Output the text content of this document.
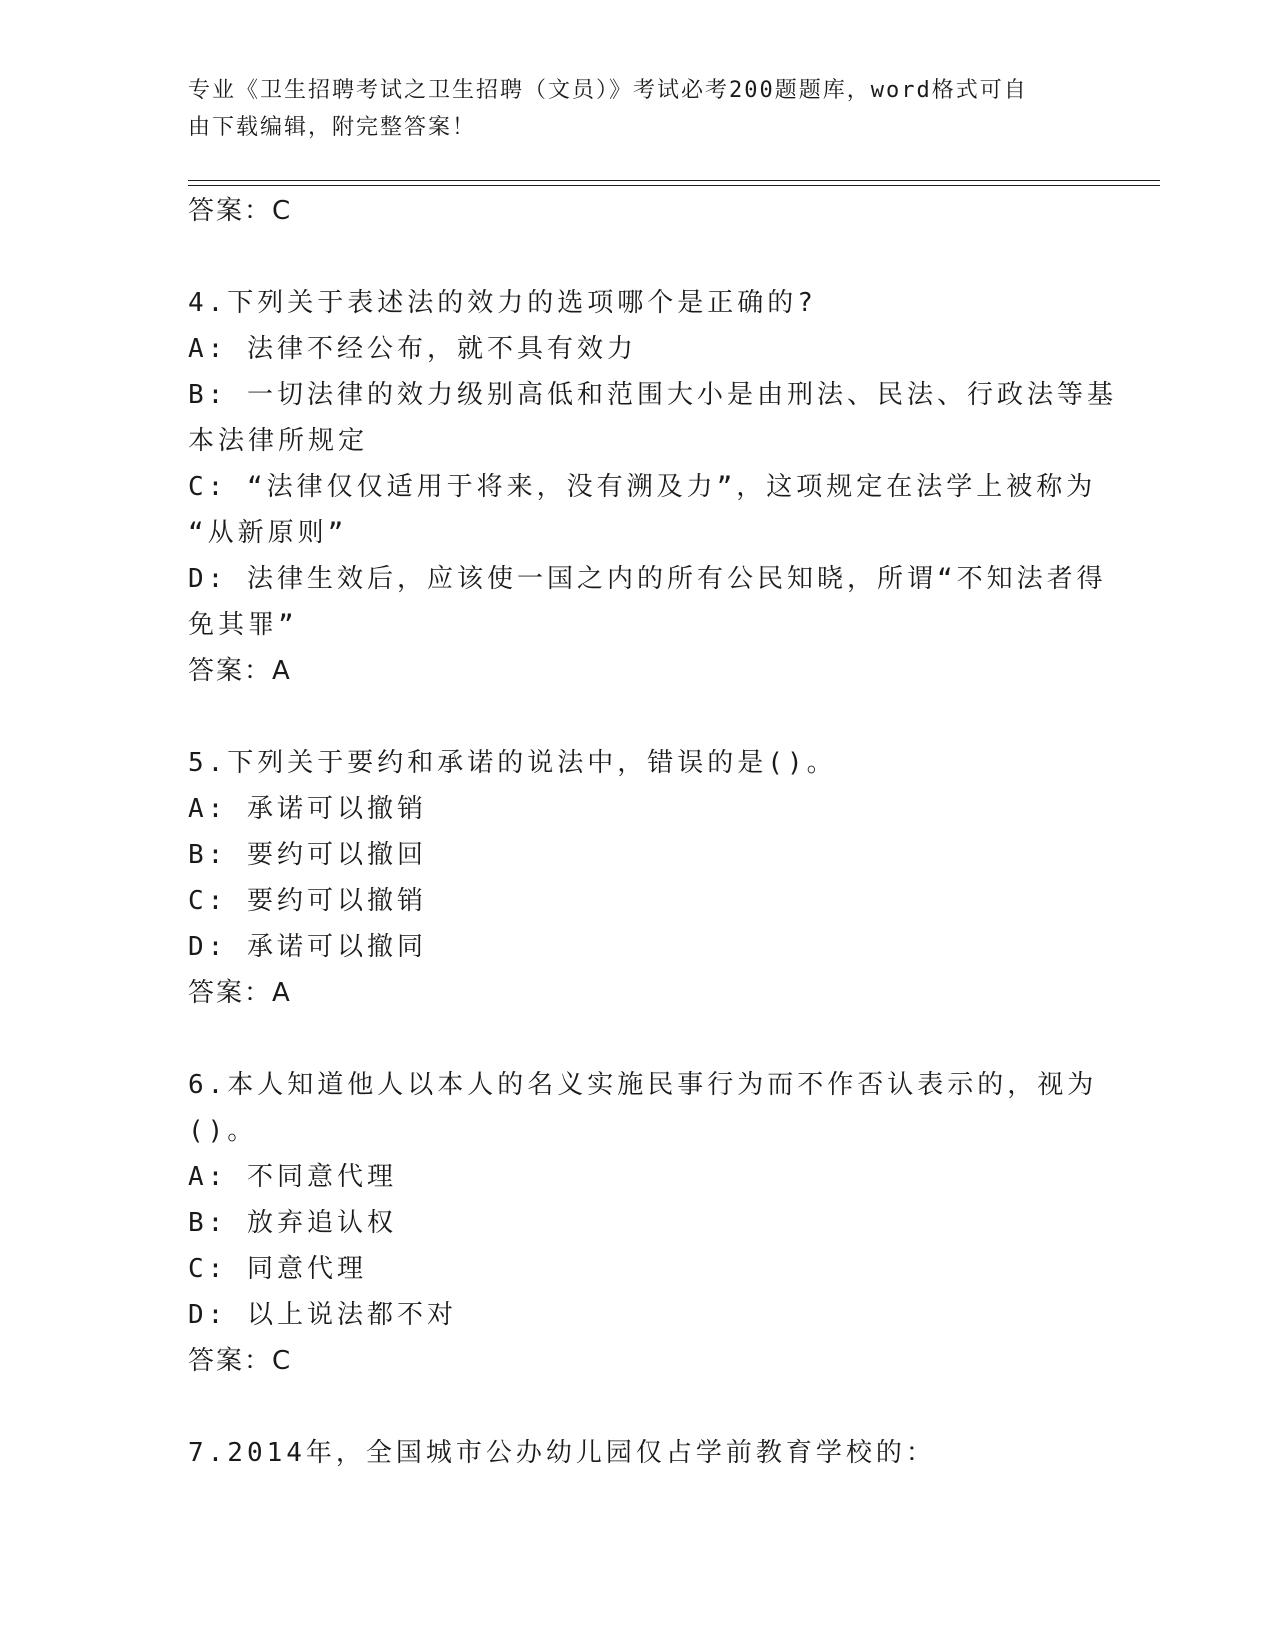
专业《卫生招聘考试之卫生招聘（文员）》考试必考200题题库，word格式可自
由下载编辑，附完整答案！
答案：C
4.下列关于表述法的效力的选项哪个是正确的?
A: 法律不经公布，就不具有效力
B: 一切法律的效力级别高低和范围大小是由刑法、民法、行政法等基
本法律所规定
C: “法律仅仅适用于将来，没有溯及力”，这项规定在法学上被称为
“从新原则”
D: 法律生效后，应该使一国之内的所有公民知晓，所谓“不知法者得
免其罪”
答案：A
5.下列关于要约和承诺的说法中，错误的是()。
A: 承诺可以撤销
B: 要约可以撤回
C: 要约可以撤销
D: 承诺可以撤同
答案：A
6.本人知道他人以本人的名义实施民事行为而不作否认表示的，视为
()。
A: 不同意代理
B: 放弃追认权
C: 同意代理
D: 以上说法都不对
答案：C
7.2014年，全国城市公办幼儿园仅占学前教育学校的：
